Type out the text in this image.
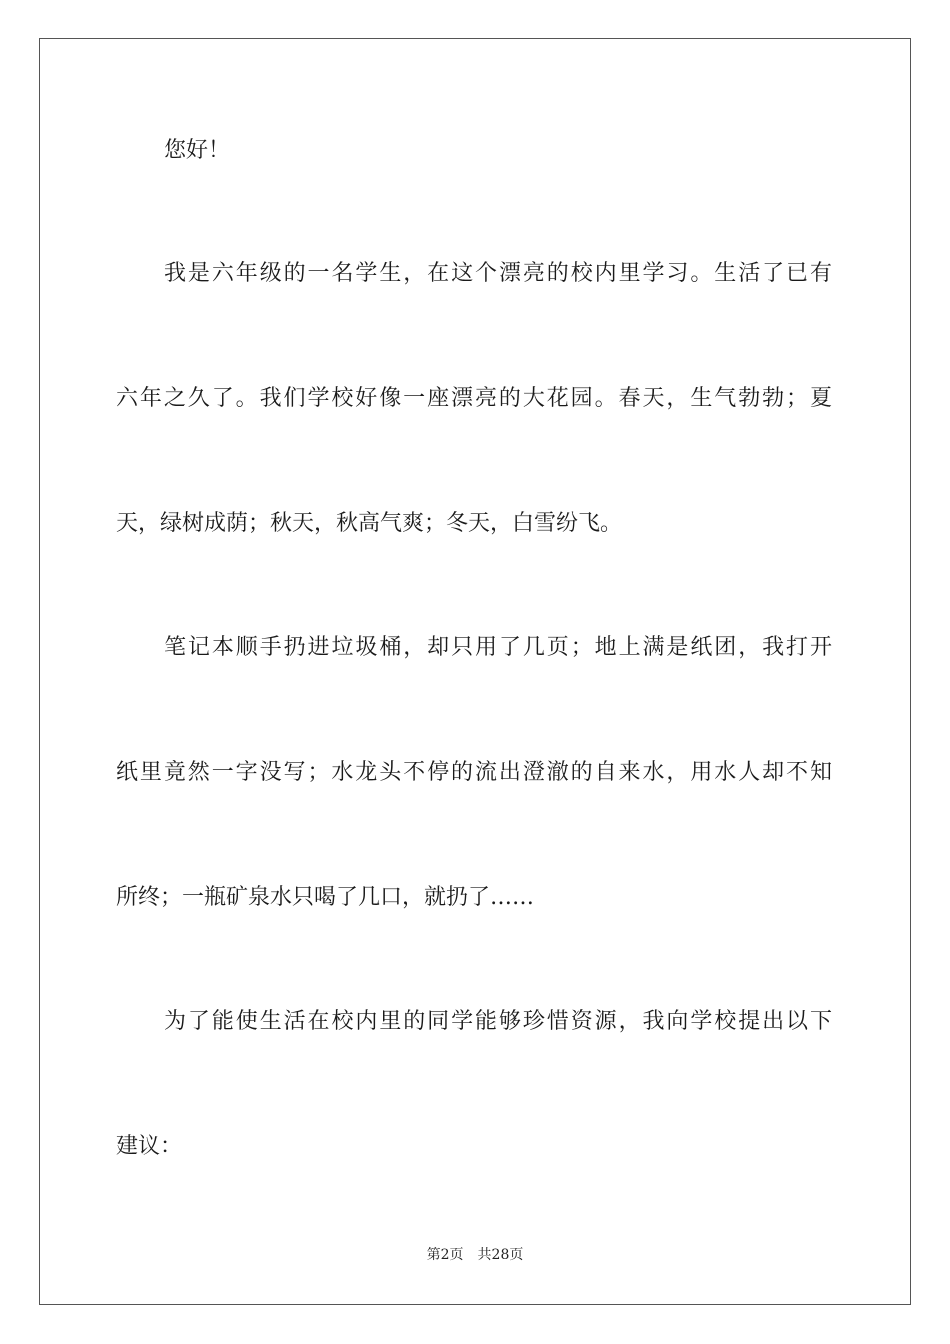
您好！

我是六年级的一名学生，在这个漂亮的校内里学习。生活了已有

六年之久了。我们学校好像一座漂亮的大花园。春天，生气勃勃；夏

天，绿树成荫；秋天，秋高气爽；冬天，白雪纷飞。

笔记本顺手扔进垃圾桶，却只用了几页；地上满是纸团，我打开

纸里竟然一字没写；水龙头不停的流出澄澈的自来水，用水人却不知

所终；一瓶矿泉水只喝了几口，就扔了……

为了能使生活在校内里的同学能够珍惜资源，我向学校提出以下

建议：

第2页 共28页
